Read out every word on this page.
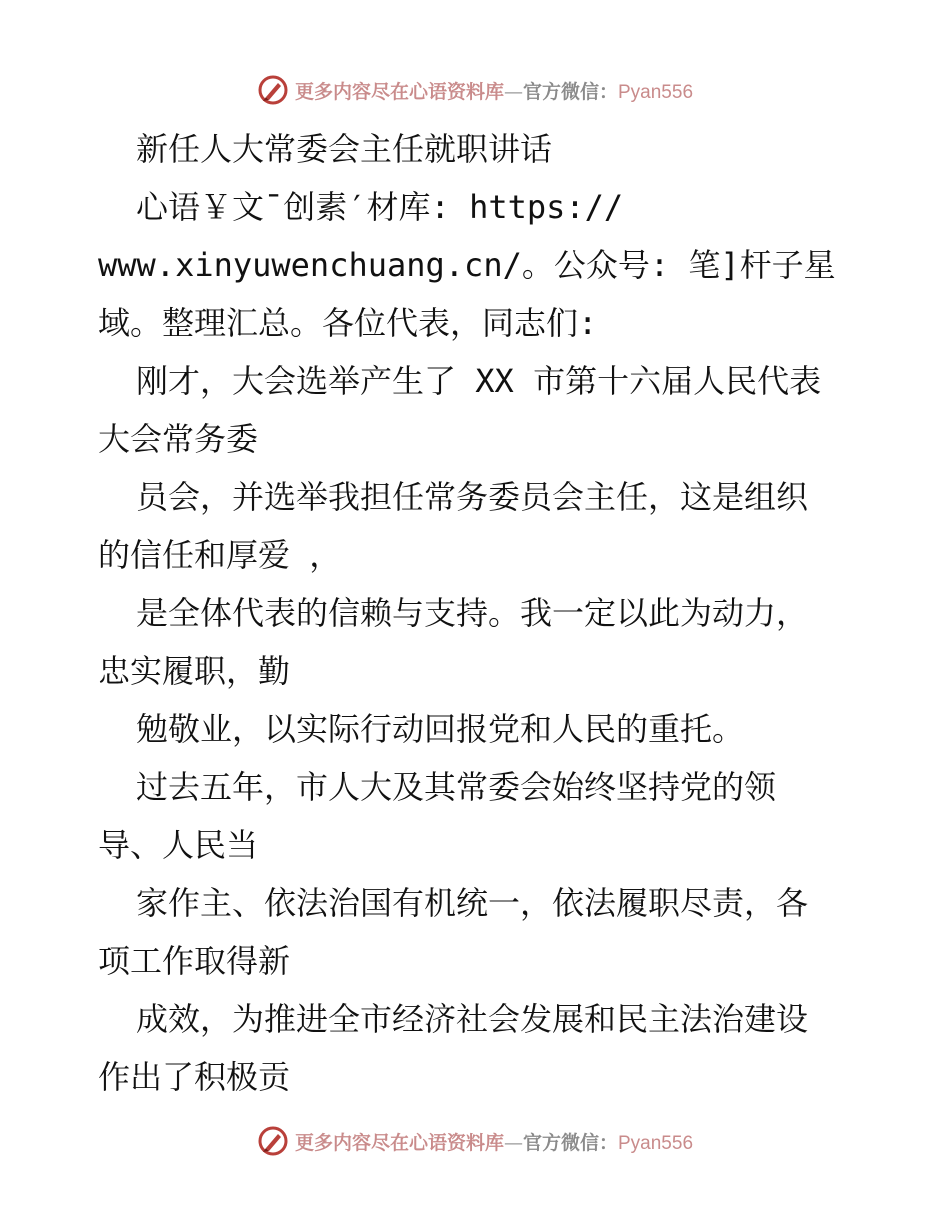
更多内容尽在心语资料库—官方微信：Pyan556
新任人大常委会主任就职讲话
心语￥文¯创素′材库: https://
www.xinyuwenchuang.cn/。公众号: 笔]杆子星
域。整理汇总。各位代表，同志们:
刚才，大会选举产生了 XX 市第十六届人民代表
大会常务委
员会，并选举我担任常务委员会主任，这是组织
的信任和厚爱 ，
是全体代表的信赖与支持。我一定以此为动力，
忠实履职，勤
勉敬业，以实际行动回报党和人民的重托。
过去五年，市人大及其常委会始终坚持党的领
导、人民当
家作主、依法治国有机统一，依法履职尽责，各
项工作取得新
成效，为推进全市经济社会发展和民主法治建设
作出了积极贡
更多内容尽在心语资料库—官方微信：Pyan556
